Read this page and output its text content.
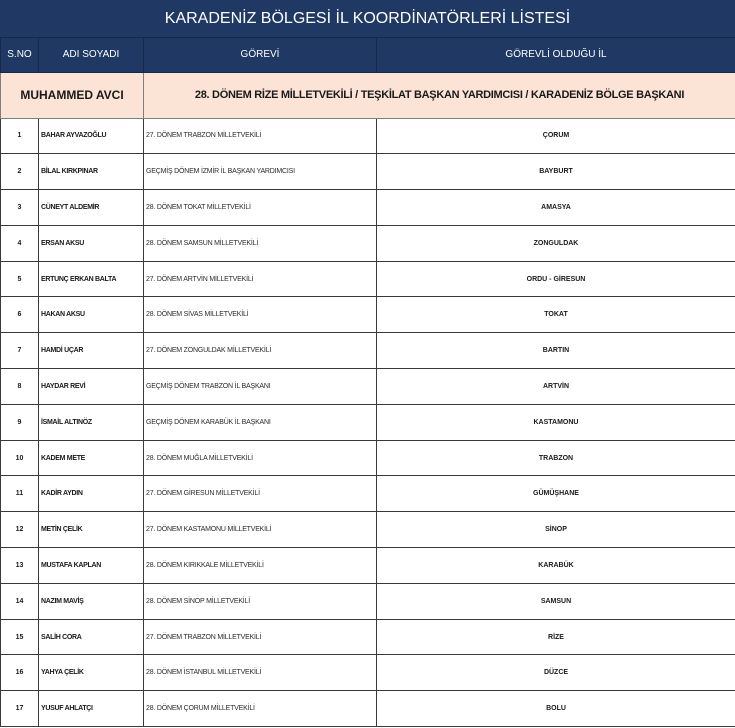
KARADENİZ BÖLGESİ İL KOORDİNATÖRLERİ LİSTESİ
S.NO	ADI SOYADI	GÖREVİ	GÖREVLİ OLDUĞU İL
MUHAMMED AVCI		28. DÖNEM RİZE MİLLETVEKİLİ / TEŞKİLAT BAŞKAN YARDIMCISI / KARADENİZ BÖLGE BAŞKANI	
1	BAHAR AYVAZOĞLU	27. DÖNEM TRABZON MİLLETVEKİLİ	ÇORUM
2	BİLAL KIRKPINAR	GEÇMİŞ DÖNEM İZMİR İL BAŞKAN YARDIMCISI	BAYBURT
3	CÜNEYT ALDEMİR	28. DÖNEM TOKAT MİLLETVEKİLİ	AMASYA
4	ERSAN AKSU	28. DÖNEM SAMSUN MİLLETVEKİLİ	ZONGULDAK
5	ERTUNÇ ERKAN BALTA	27. DÖNEM ARTVİN MİLLETVEKİLİ	ORDU - GİRESUN
6	HAKAN AKSU	28. DÖNEM SİVAS MİLLETVEKİLİ	TOKAT
7	HAMDİ UÇAR	27. DÖNEM ZONGULDAK MİLLETVEKİLİ	BARTIN
8	HAYDAR REVİ	GEÇMİŞ DÖNEM TRABZON İL BAŞKANI	ARTVİN
9	İSMAİL ALTINÖZ	GEÇMİŞ DÖNEM KARABÜK İL BAŞKANI	KASTAMONU
10	KADEM METE	28. DÖNEM MUĞLA MİLLETVEKİLİ	TRABZON
11	KADİR AYDIN	27. DÖNEM GİRESUN MİLLETVEKİLİ	GÜMÜŞHANE
12	METİN ÇELİK	27. DÖNEM KASTAMONU MİLLETVEKİLİ	SİNOP
13	MUSTAFA KAPLAN	28. DÖNEM KIRIKKALE MİLLETVEKİLİ	KARABÜK
14	NAZIM MAVİŞ	28. DÖNEM SİNOP MİLLETVEKİLİ	SAMSUN
15	SALİH CORA	27. DÖNEM TRABZON MİLLETVEKİLİ	RİZE
16	YAHYA ÇELİK	28. DÖNEM İSTANBUL MİLLETVEKİLİ	DÜZCE
17	YUSUF AHLATÇI	28. DÖNEM ÇORUM MİLLETVEKİLİ	BOLU
